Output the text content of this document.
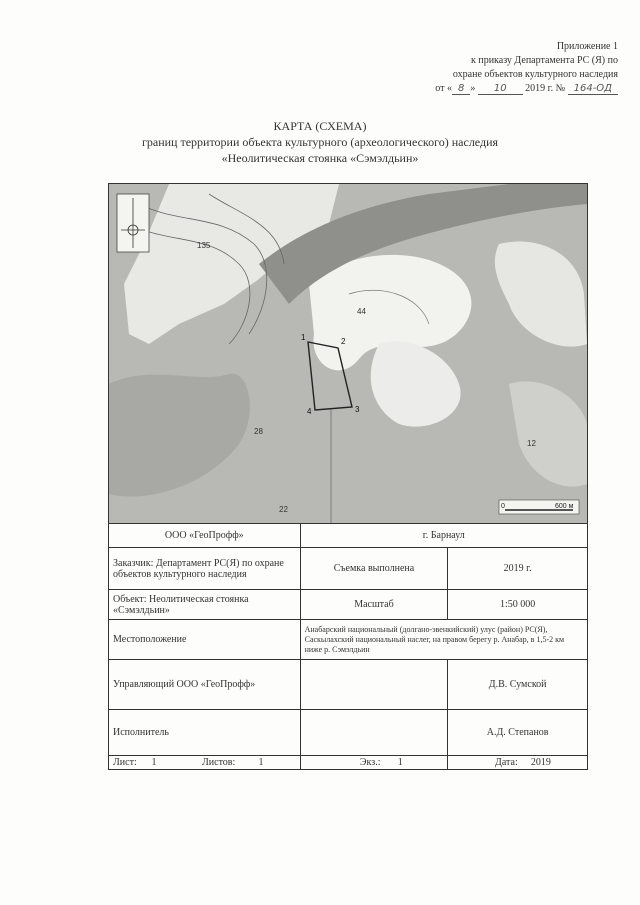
Приложение 1
к приказу Департамента РС (Я) по
охране объектов культурного наследия
от « 8 » 10 2019 г. № 164-ОД
КАРТА (СХЕМА)
границ территории объекта культурного (археологического) наследия
«Неолитическая стоянка «Сэмэлдьин»
135
44
28
12
22
1	2
3
4
0	600 м
ООО «ГеоПрофф»	г. Барнаул	
Заказчик: Департамент РС(Я) по охране объектов культурного наследия	Съемка выполнена	2019 г.
Объект: Неолитическая стоянка «Сэмэлдьин»	Масштаб	1:50 000
Местоположение	Анабарский национальный (долгано-эвенкийский) улус (район) РС(Я), Саскылахский национальный наслег, на правом берегу р. Анабар, в 1,5-2 км ниже р. Сэмэлдьин	
Управляющий ООО «ГеоПрофф»		Д.В. Сумской
Исполнитель		А.Д. Степанов
Лист: 1 Листов: 1	Экз.: 1	Дата: 2019
